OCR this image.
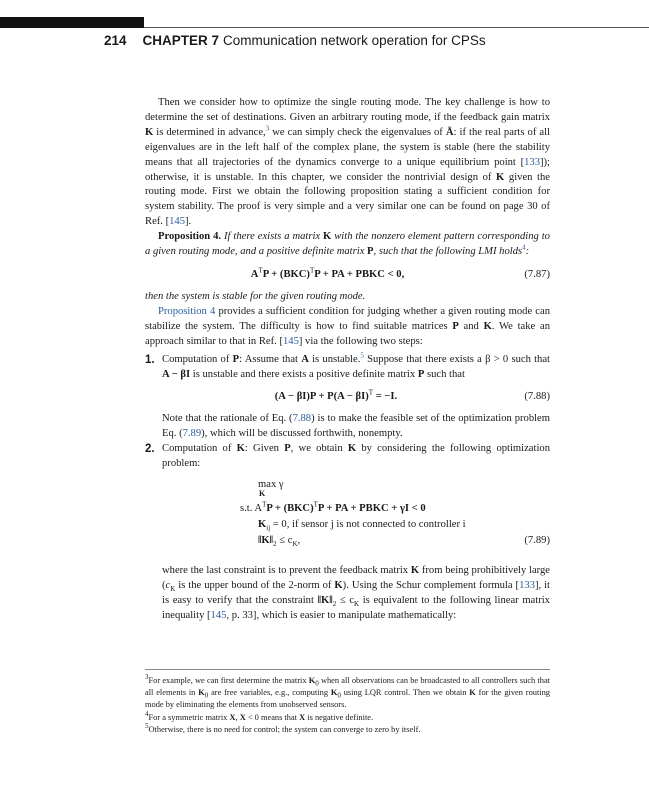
214 CHAPTER 7 Communication network operation for CPSs

Then we consider how to optimize the single routing mode. The key challenge is how to determine the set of destinations. Given an arbitrary routing mode, if the feedback gain matrix K is determined in advance,$^3$ we can simply check the eigenvalues of Ā: if the real parts of all eigenvalues are in the left half of the complex plane, the system is stable (here the stability means that all trajectories of the dynamics converge to a unique equilibrium point [133]); otherwise, it is unstable. In this chapter, we consider the nontrivial design of K given the routing mode. First we obtain the following proposition stating a sufficient condition for system stability. The proof is very simple and a very similar one can be found on page 30 of Ref. [145].

Proposition 4. If there exists a matrix K with the nonzero element pattern corresponding to a given routing mode, and a positive definite matrix P, such that the following LMI holds$^4$:

$A^TP + (BKC)^TP$ + PA + PBKC < 0,	(7.87)

then the system is stable for the given routing mode.

Proposition 4 provides a sufficient condition for judging whether a given routing mode can stabilize the system. The difficulty is how to find suitable matrices P and K. We take an approach similar to that in Ref. [145] via the following two steps:

1. Computation of P: Assume that A is unstable.$^5$ Suppose that there exists a β > 0 such that A − βI is unstable and there exists a positive definite matrix P such that

$(A - \beta I)P + P(A - \beta I)^T = -I$.	(7.88)

Note that the rationale of Eq. (7.88) is to make the feasible set of the optimization problem Eq. (7.89), which will be discussed forthwith, nonempty.

2. Computation of K: Given P, we obtain K by considering the following optimization problem:

max γ
K
s.t. $A^TP + (BKC)^TP$ + PA + PBKC + γI < 0
$K_{ij} = 0$, if sensor j is not connected to controller i
$‖K‖_2 \le c_K$,	(7.89)

where the last constraint is to prevent the feedback matrix K from being prohibitively large ($c_K$ is the upper bound of the 2-norm of K). Using the Schur complement formula [133], it is easy to verify that the constraint $‖K‖_2 \le c_K$ is equivalent to the following linear matrix inequality [145, p. 33], which is easier to manipulate mathematically:

$^3$For example, we can first determine the matrix $K_0$ when all observations can be broadcasted to all controllers such that all elements in $K_0$ are free variables, e.g., computing $K_0$ using LQR control. Then we obtain K for the given routing mode by eliminating the elements from unobserved sensors.
$^4$For a symmetric matrix X, X < 0 means that X is negative definite.
$^5$Otherwise, there is no need for control; the system can converge to zero by itself.
